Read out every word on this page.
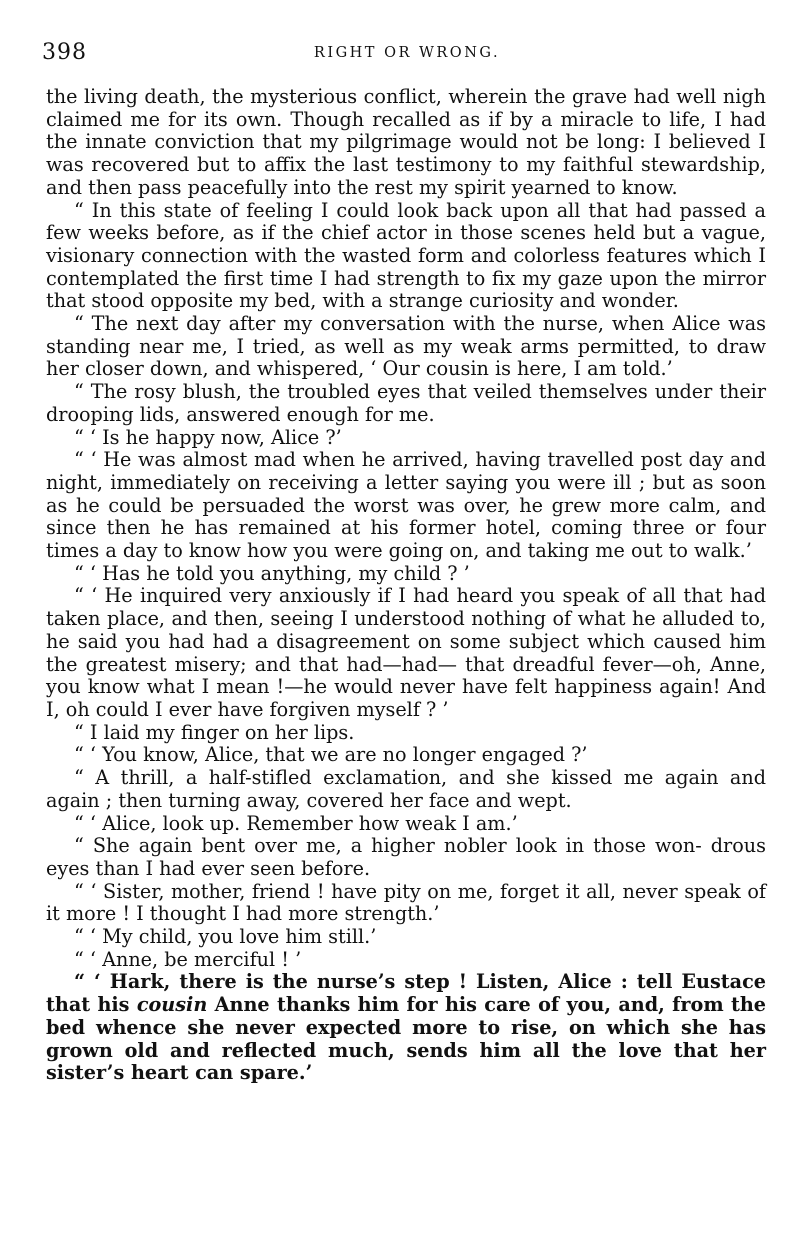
398	RIGHT OR WRONG.

the living death, the mysterious conflict, wherein the grave had well nigh claimed me for its own. Though recalled as if by a miracle to life, I had the innate conviction that my pilgrimage would not be long: I believed I was recovered but to affix the last testimony to my faithful stewardship, and then pass peacefully into the rest my spirit yearned to know.

“ In this state of feeling I could look back upon all that had passed a few weeks before, as if the chief actor in those scenes held but a vague, visionary connection with the wasted form and colorless features which I contemplated the first time I had strength to fix my gaze upon the mirror that stood opposite my bed, with a strange curiosity and wonder.

“ The next day after my conversation with the nurse, when Alice was standing near me, I tried, as well as my weak arms permitted, to draw her closer down, and whispered, ‘ Our cousin is here, I am told.’

“ The rosy blush, the troubled eyes that veiled themselves under their drooping lids, answered enough for me.

“ ‘ Is he happy now, Alice ?’

“ ‘ He was almost mad when he arrived, having travelled post day and night, immediately on receiving a letter saying you were ill ; but as soon as he could be persuaded the worst was over, he grew more calm, and since then he has remained at his former hotel, coming three or four times a day to know how you were going on, and taking me out to walk.’

“ ‘ Has he told you anything, my child ? ’

“ ‘ He inquired very anxiously if I had heard you speak of all that had taken place, and then, seeing I understood nothing of what he alluded to, he said you had had a disagreement on some subject which caused him the greatest misery; and that had—had— that dreadful fever—oh, Anne, you know what I mean !—he would never have felt happiness again! And I, oh could I ever have forgiven myself ? ’

“ I laid my finger on her lips.

“ ‘ You know, Alice, that we are no longer engaged ?’

“ A thrill, a half-stifled exclamation, and she kissed me again and again ; then turning away, covered her face and wept.

“ ‘ Alice, look up. Remember how weak I am.’

“ She again bent over me, a higher nobler look in those won- drous eyes than I had ever seen before.

“ ‘ Sister, mother, friend ! have pity on me, forget it all, never speak of it more ! I thought I had more strength.’

“ ‘ My child, you love him still.’

“ ‘ Anne, be merciful ! ’

“ ‘ Hark, there is the nurse’s step ! Listen, Alice : tell Eustace that his cousin Anne thanks him for his care of you, and, from the bed whence she never expected more to rise, on which she has grown old and reflected much, sends him all the love that her sister’s heart can spare.’
